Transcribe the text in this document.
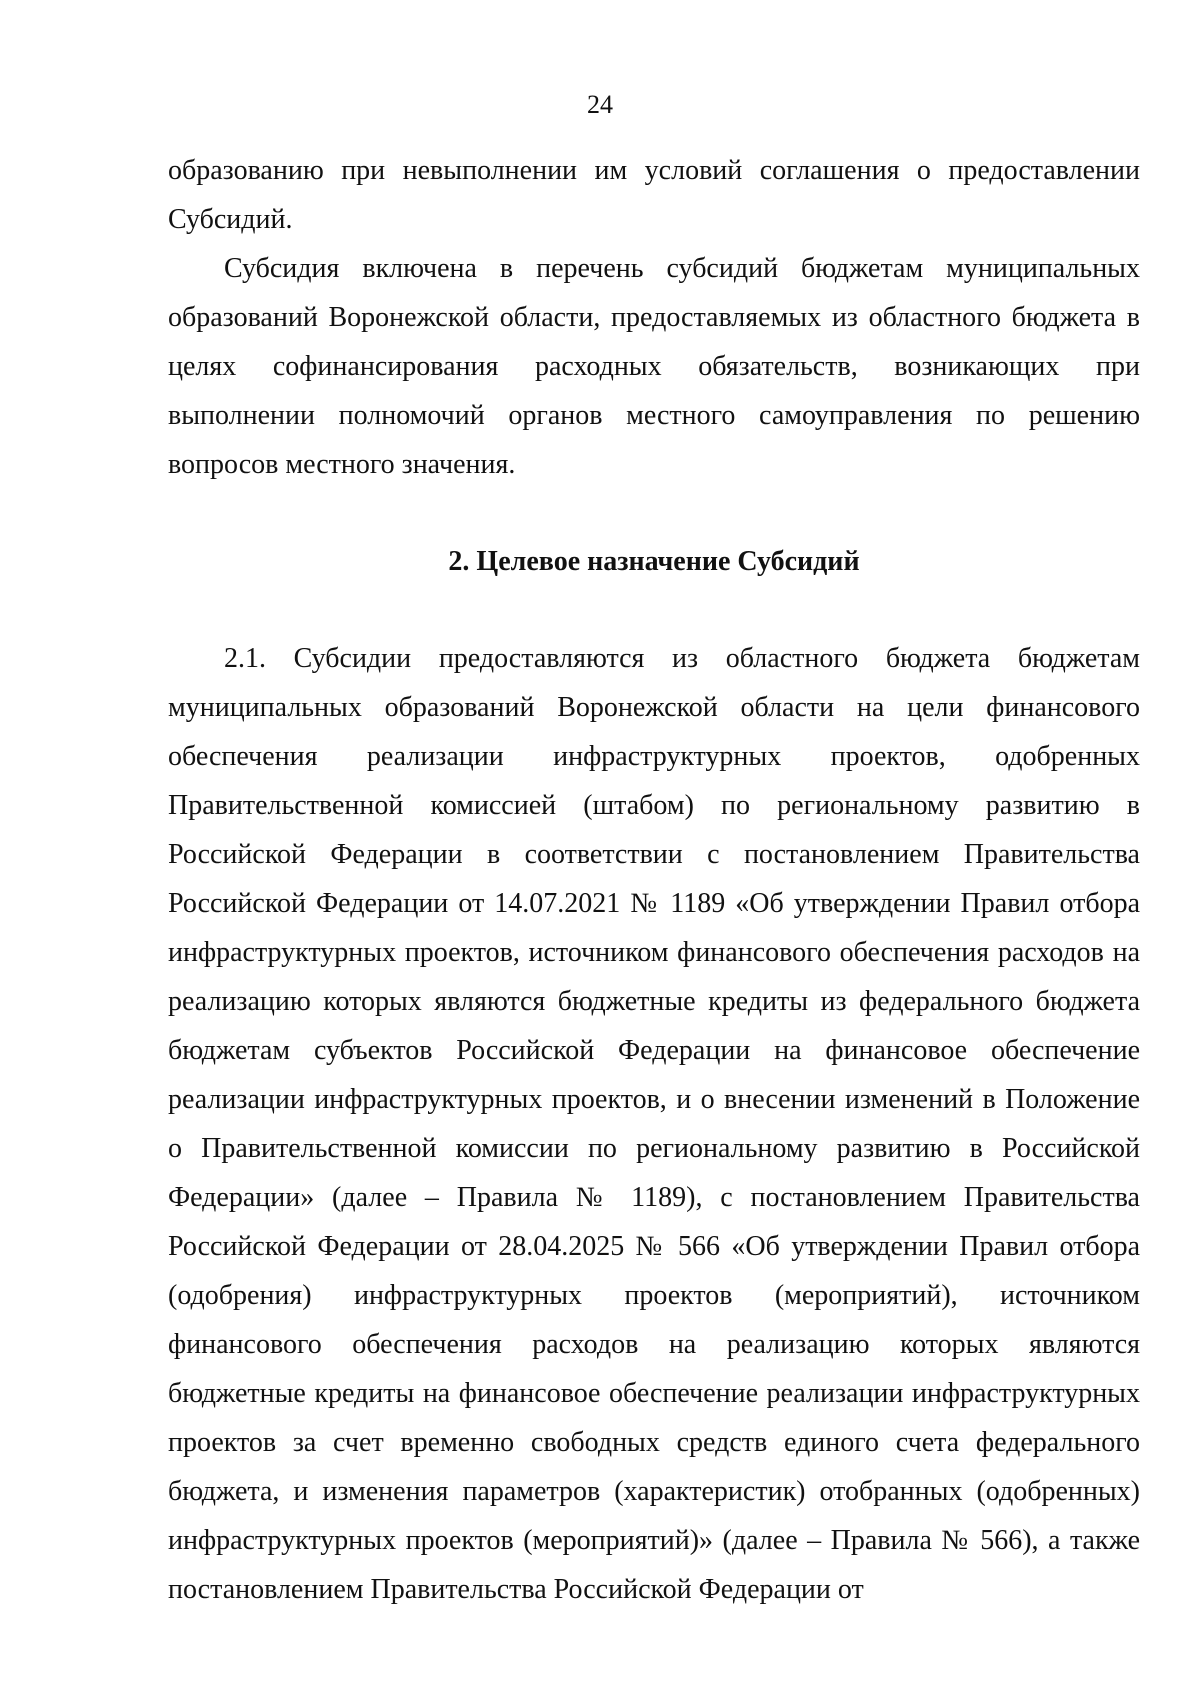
24

образованию при невыполнении им условий соглашения о предоставлении Субсидий.

Субсидия включена в перечень субсидий бюджетам муниципальных образований Воронежской области, предоставляемых из областного бюджета в целях софинансирования расходных обязательств, возникающих при выполнении полномочий органов местного самоуправления по решению вопросов местного значения.

2. Целевое назначение Субсидий

2.1. Субсидии предоставляются из областного бюджета бюджетам муниципальных образований Воронежской области на цели финансового обеспечения реализации инфраструктурных проектов, одобренных Правительственной комиссией (штабом) по региональному развитию в Российской Федерации в соответствии с постановлением Правительства Российской Федерации от 14.07.2021 № 1189 «Об утверждении Правил отбора инфраструктурных проектов, источником финансового обеспечения расходов на реализацию которых являются бюджетные кредиты из федерального бюджета бюджетам субъектов Российской Федерации на финансовое обеспечение реализации инфраструктурных проектов, и о внесении изменений в Положение о Правительственной комиссии по региональному развитию в Российской Федерации» (далее – Правила № 1189), с постановлением Правительства Российской Федерации от 28.04.2025 № 566 «Об утверждении Правил отбора (одобрения) инфраструктурных проектов (мероприятий), источником финансового обеспечения расходов на реализацию которых являются бюджетные кредиты на финансовое обеспечение реализации инфраструктурных проектов за счет временно свободных средств единого счета федерального бюджета, и изменения параметров (характеристик) отобранных (одобренных) инфраструктурных проектов (мероприятий)» (далее – Правила № 566), а также постановлением Правительства Российской Федерации от
